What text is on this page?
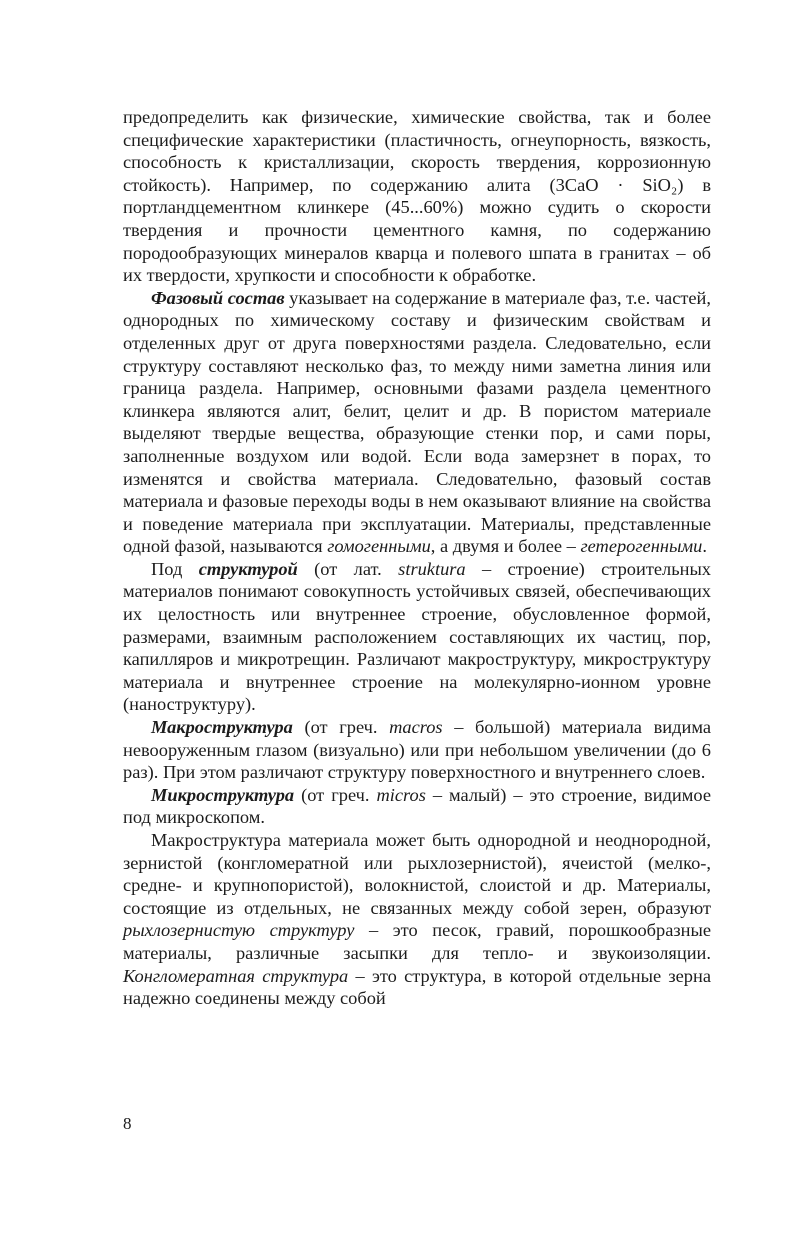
предопределить как физические, химические свойства, так и более специфические характеристики (пластичность, огнеупорность, вязкость, способность к кристаллизации, скорость твердения, коррозионную стойкость). Например, по содержанию алита (3CaO · SiO₂) в портландцементном клинкере (45...60%) можно судить о скорости твердения и прочности цементного камня, по содержанию породообразующих минералов кварца и полевого шпата в гранитах – об их твердости, хрупкости и способности к обработке.

Фазовый состав указывает на содержание в материале фаз, т.е. частей, однородных по химическому составу и физическим свойствам и отделенных друг от друга поверхностями раздела. Следовательно, если структуру составляют несколько фаз, то между ними заметна линия или граница раздела. Например, основными фазами раздела цементного клинкера являются алит, белит, целит и др. В пористом материале выделяют твердые вещества, образующие стенки пор, и сами поры, заполненные воздухом или водой. Если вода замерзнет в порах, то изменятся и свойства материала. Следовательно, фазовый состав материала и фазовые переходы воды в нем оказывают влияние на свойства и поведение материала при эксплуатации. Материалы, представленные одной фазой, называются гомогенными, а двумя и более – гетерогенными.

Под структурой (от лат. struktura – строение) строительных материалов понимают совокупность устойчивых связей, обеспечивающих их целостность или внутреннее строение, обусловленное формой, размерами, взаимным расположением составляющих их частиц, пор, капилляров и микротрещин. Различают макроструктуру, микроструктуру материала и внутреннее строение на молекулярно-ионном уровне (наноструктуру).

Макроструктура (от греч. macros – большой) материала видима невооруженным глазом (визуально) или при небольшом увеличении (до 6 раз). При этом различают структуру поверхностного и внутреннего слоев.

Микроструктура (от греч. micros – малый) – это строение, видимое под микроскопом.

Макроструктура материала может быть однородной и неоднородной, зернистой (конгломератной или рыхлозернистой), ячеистой (мелко-, средне- и крупнопористой), волокнистой, слоистой и др. Материалы, состоящие из отдельных, не связанных между собой зерен, образуют рыхлозернистую структуру – это песок, гравий, порошкообразные материалы, различные засыпки для тепло- и звукоизоляции. Конгломератная структура – это структура, в которой отдельные зерна надежно соединены между собой

8
